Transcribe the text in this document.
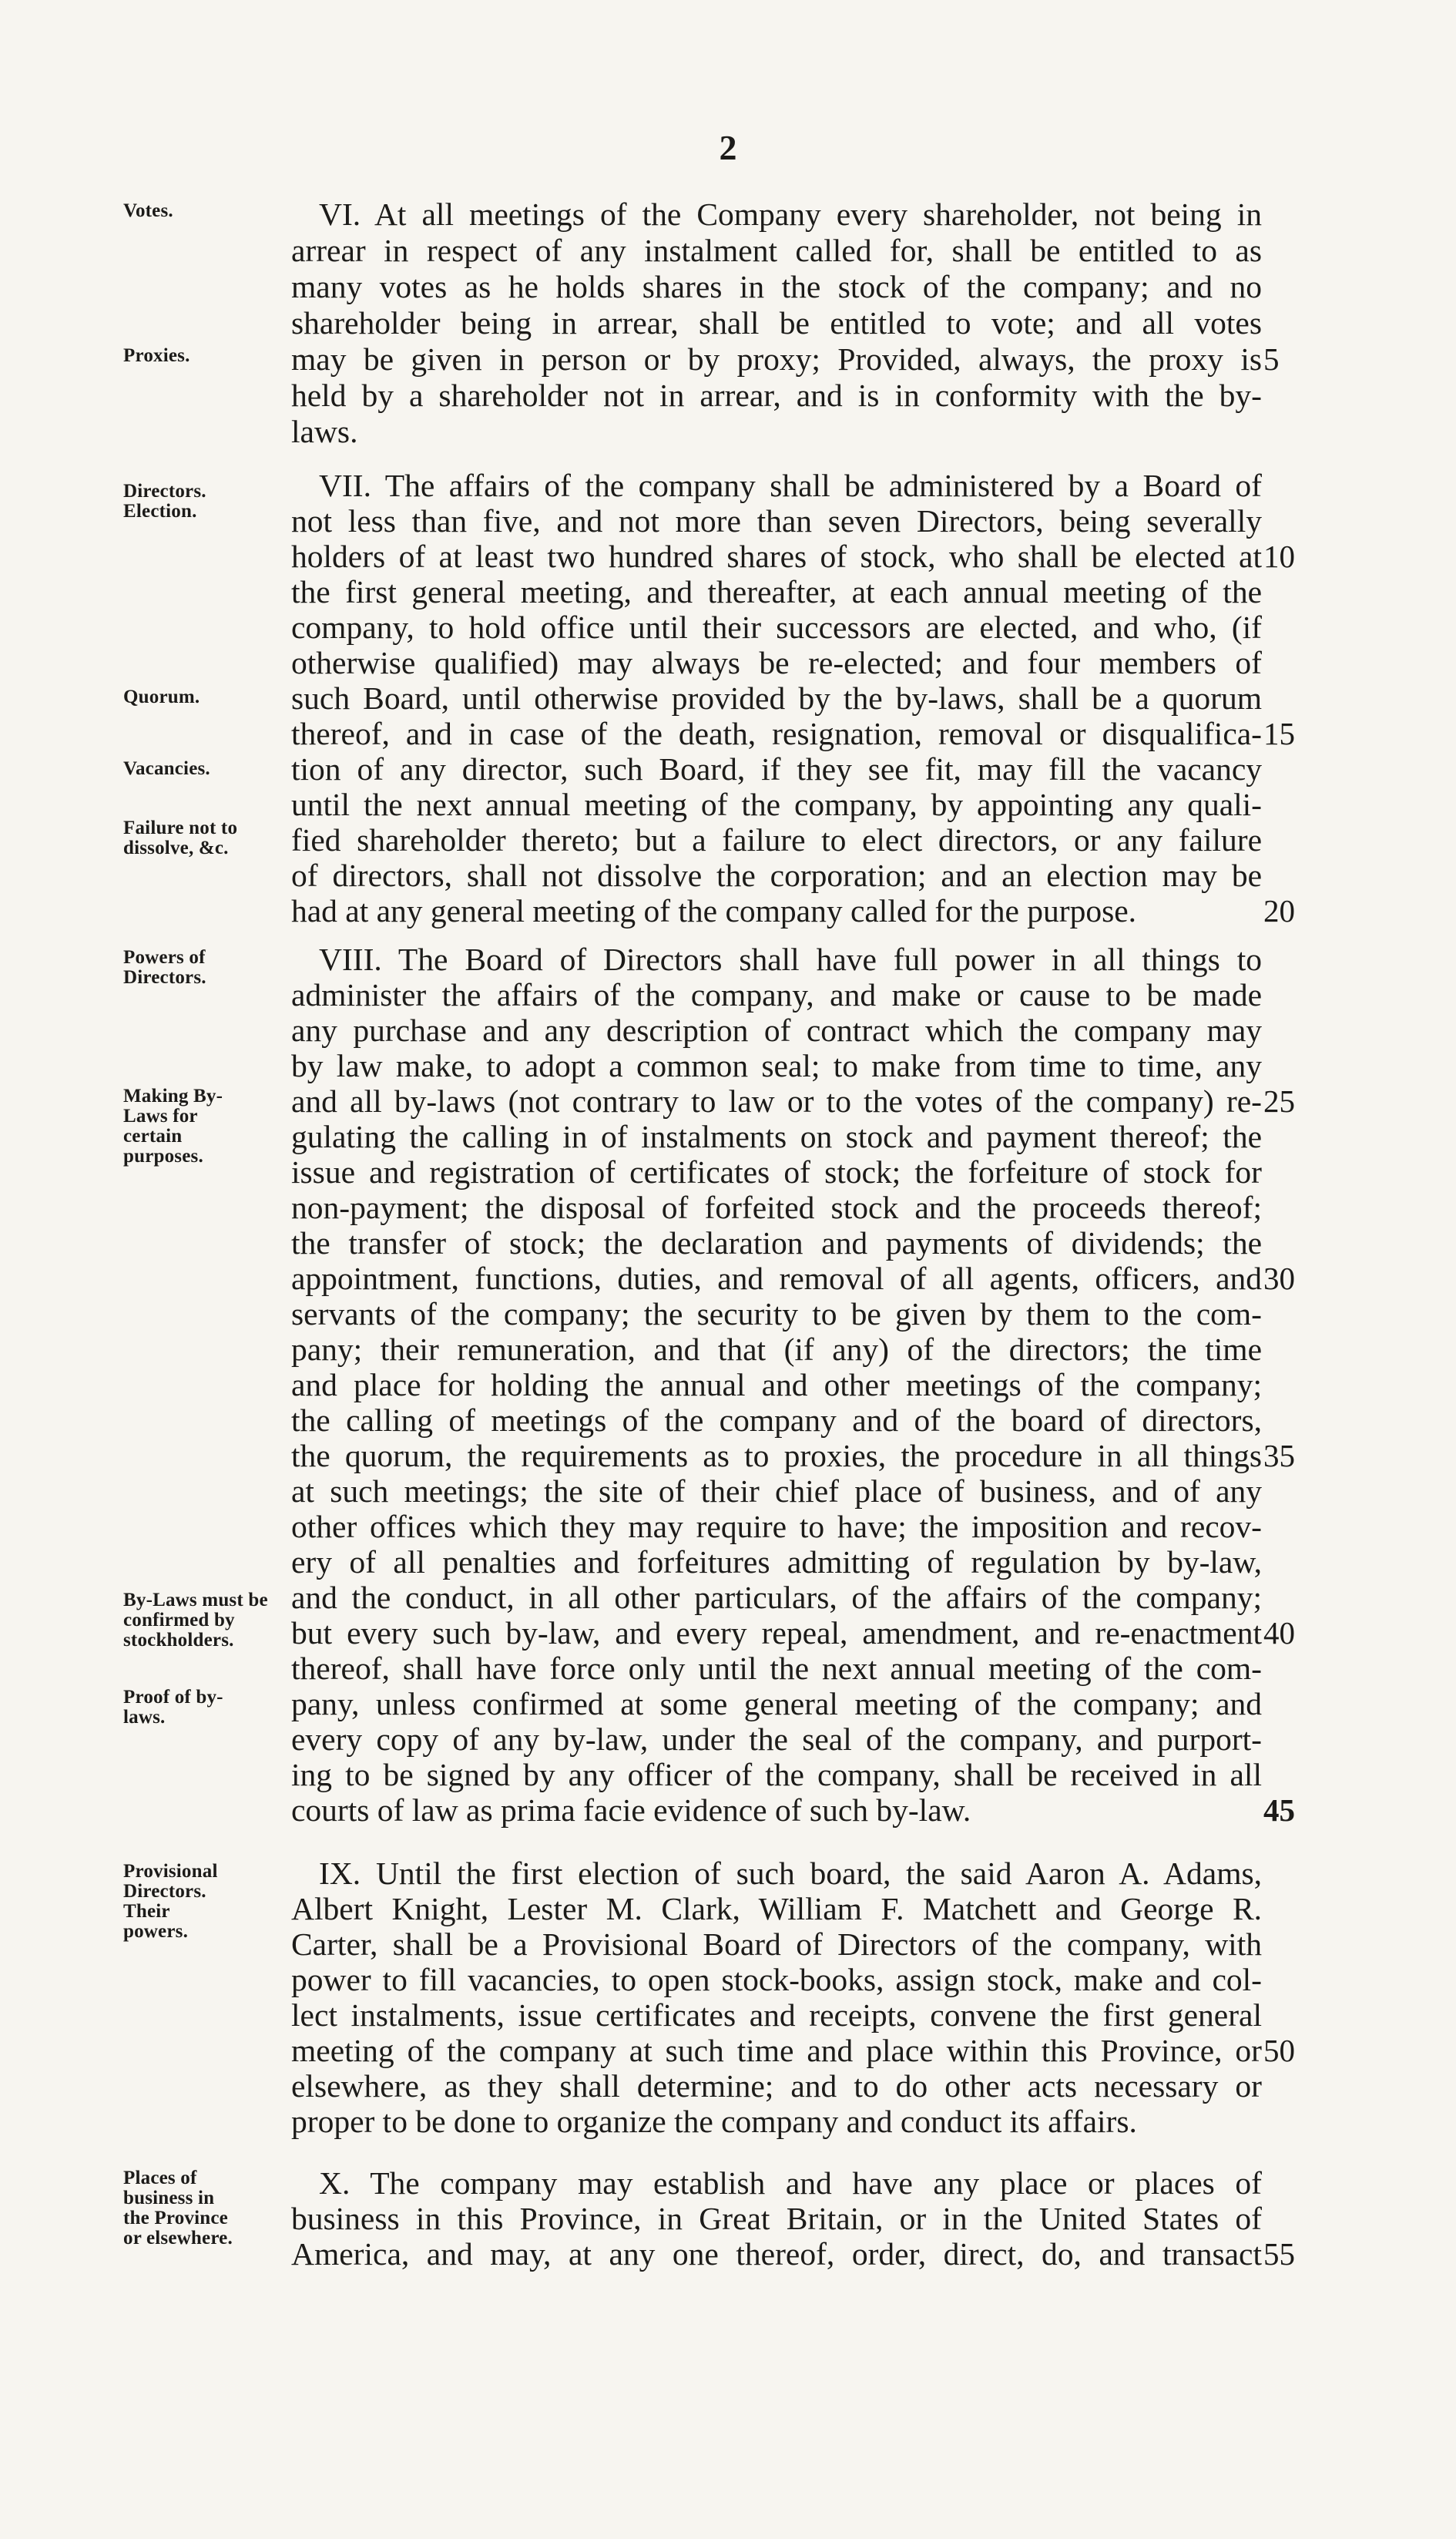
2
Votes.
Proxies.
VI. At all meetings of the Company every shareholder, not being in
arrear in respect of any instalment called for, shall be entitled to as
many votes as he holds shares in the stock of the company; and no
shareholder being in arrear, shall be entitled to vote; and all votes
may be given in person or by proxy; Provided, always, the proxy is
held by a shareholder not in arrear, and is in conformity with the by-
laws.
5
Directors. Election.
Quorum.
Vacancies.
Failure not to dissolve, &c.
VII. The affairs of the company shall be administered by a Board of
not less than five, and not more than seven Directors, being severally
holders of at least two hundred shares of stock, who shall be elected at
the first general meeting, and thereafter, at each annual meeting of the
company, to hold office until their successors are elected, and who, (if
otherwise qualified) may always be re-elected; and four members of
such Board, until otherwise provided by the by-laws, shall be a quorum
thereof, and in case of the death, resignation, removal or disqualifica-
tion of any director, such Board, if they see fit, may fill the vacancy
until the next annual meeting of the company, by appointing any quali-
fied shareholder thereto; but a failure to elect directors, or any failure
of directors, shall not dissolve the corporation; and an election may be
had at any general meeting of the company called for the purpose.
10
15
20
Powers of Directors.
Making By-Laws for certain purposes.
By-Laws must be confirmed by stockholders.
Proof of by-laws.
VIII. The Board of Directors shall have full power in all things to
administer the affairs of the company, and make or cause to be made
any purchase and any description of contract which the company may
by law make, to adopt a common seal; to make from time to time, any
and all by-laws (not contrary to law or to the votes of the company) re-
gulating the calling in of instalments on stock and payment thereof; the
issue and registration of certificates of stock; the forfeiture of stock for
non-payment; the disposal of forfeited stock and the proceeds thereof;
the transfer of stock; the declaration and payments of dividends; the
appointment, functions, duties, and removal of all agents, officers, and
servants of the company; the security to be given by them to the com-
pany; their remuneration, and that (if any) of the directors; the time
and place for holding the annual and other meetings of the company;
the calling of meetings of the company and of the board of directors,
the quorum, the requirements as to proxies, the procedure in all things
at such meetings; the site of their chief place of business, and of any
other offices which they may require to have; the imposition and recov-
ery of all penalties and forfeitures admitting of regulation by by-law,
and the conduct, in all other particulars, of the affairs of the company;
but every such by-law, and every repeal, amendment, and re-enactment
thereof, shall have force only until the next annual meeting of the com-
pany, unless confirmed at some general meeting of the company; and
every copy of any by-law, under the seal of the company, and purport-
ing to be signed by any officer of the company, shall be received in all
courts of law as prima facie evidence of such by-law.
25
30
35
40
45
Provisional Directors. Their powers.
IX. Until the first election of such board, the said Aaron A. Adams,
Albert Knight, Lester M. Clark, William F. Matchett and George R.
Carter, shall be a Provisional Board of Directors of the company, with
power to fill vacancies, to open stock-books, assign stock, make and col-
lect instalments, issue certificates and receipts, convene the first general
meeting of the company at such time and place within this Province, or
elsewhere, as they shall determine; and to do other acts necessary or
proper to be done to organize the company and conduct its affairs.
50
Places of business in the Province or elsewhere.
X. The company may establish and have any place or places of
business in this Province, in Great Britain, or in the United States of
America, and may, at any one thereof, order, direct, do, and transact 55
